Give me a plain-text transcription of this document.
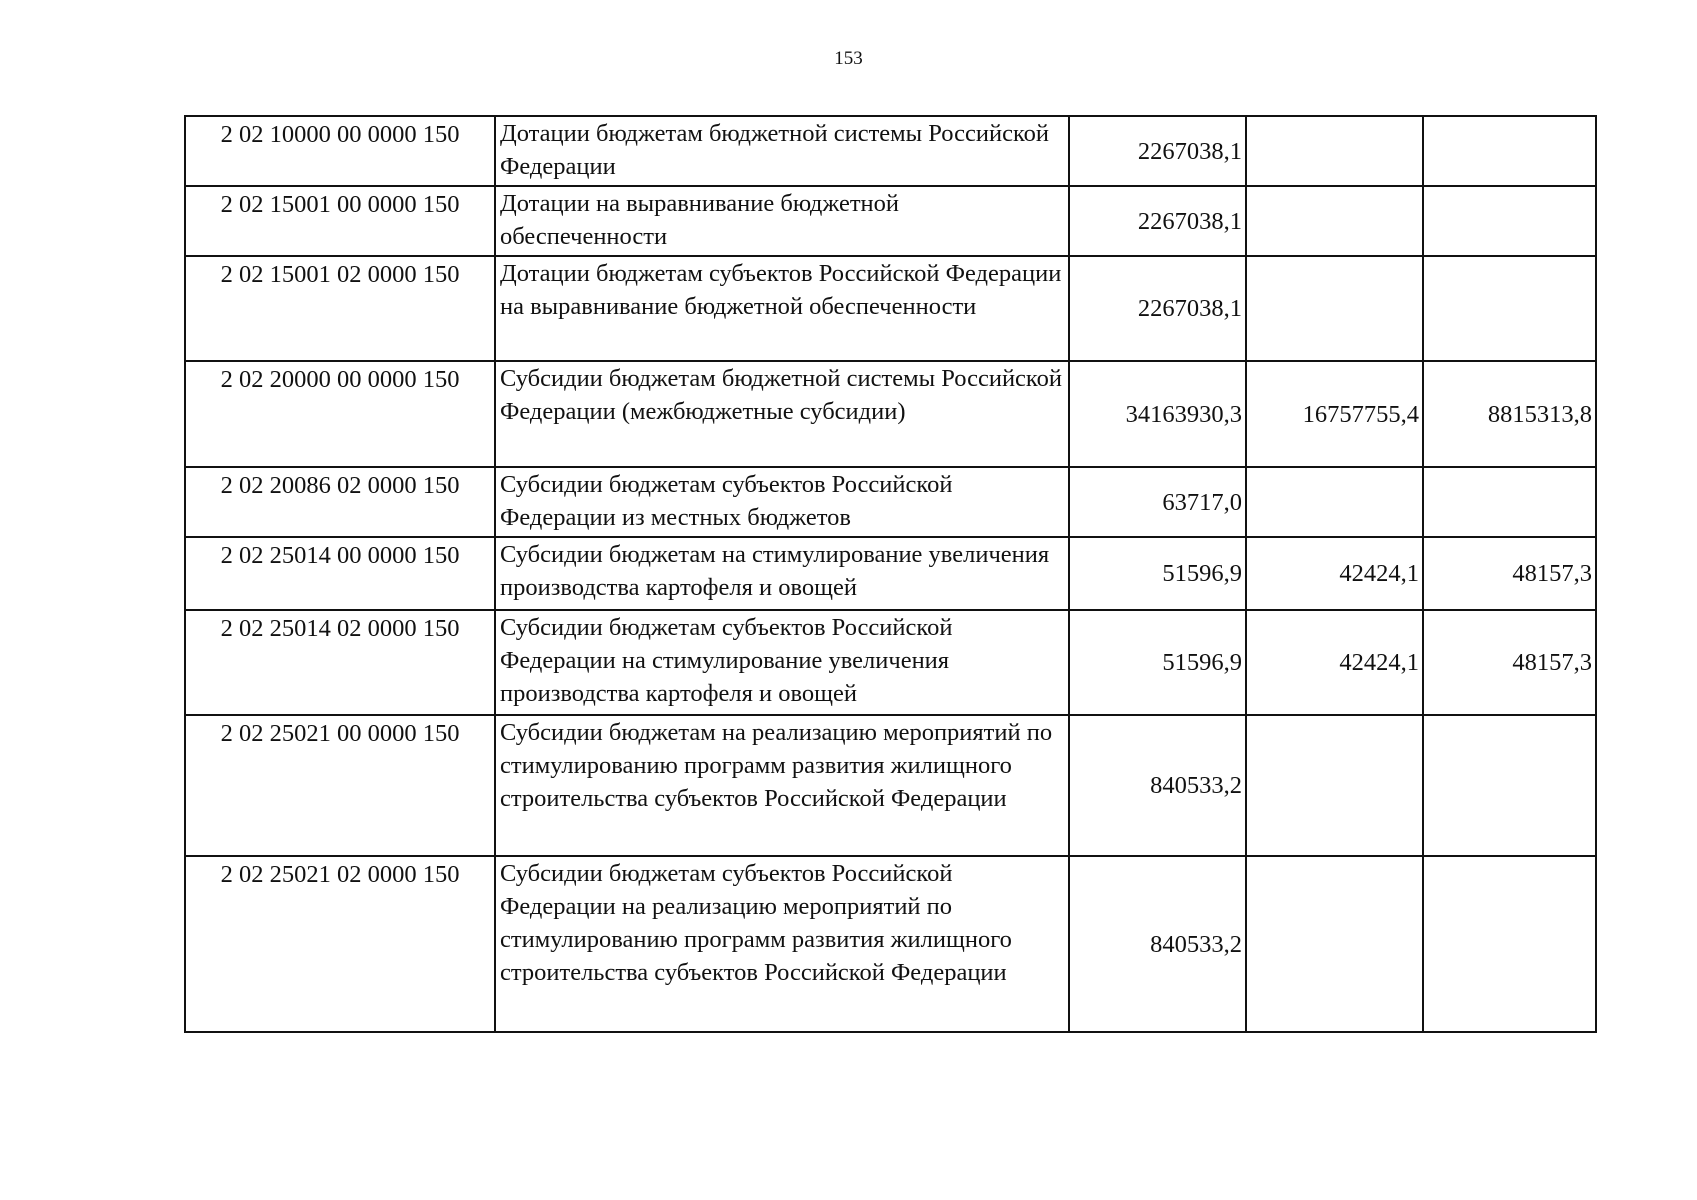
153
2 02 10000 00 0000 150	Дотации бюджетам бюджетной системы Российской Федерации	2267038,1		
2 02 15001 00 0000 150	Дотации на выравнивание бюджетной обеспеченности	2267038,1		
2 02 15001 02 0000 150	Дотации бюджетам субъектов Российской Федерации на выравнивание бюджетной обеспеченности	2267038,1		
2 02 20000 00 0000 150	Субсидии бюджетам бюджетной системы Российской Федерации (межбюджетные субсидии)	34163930,3	16757755,4	8815313,8
2 02 20086 02 0000 150	Субсидии бюджетам субъектов Российской Федерации из местных бюджетов	63717,0		
2 02 25014 00 0000 150	Субсидии бюджетам на стимулирование увеличения производства картофеля и овощей	51596,9	42424,1	48157,3
2 02 25014 02 0000 150	Субсидии бюджетам субъектов Российской Федерации на стимулирование увеличения производства картофеля и овощей	51596,9	42424,1	48157,3
2 02 25021 00 0000 150	Субсидии бюджетам на реализацию мероприятий по стимулированию программ развития жилищного строительства субъектов Российской Федерации	840533,2		
2 02 25021 02 0000 150	Субсидии бюджетам субъектов Российской Федерации на реализацию мероприятий по стимулированию программ развития жилищного строительства субъектов Российской Федерации	840533,2		
